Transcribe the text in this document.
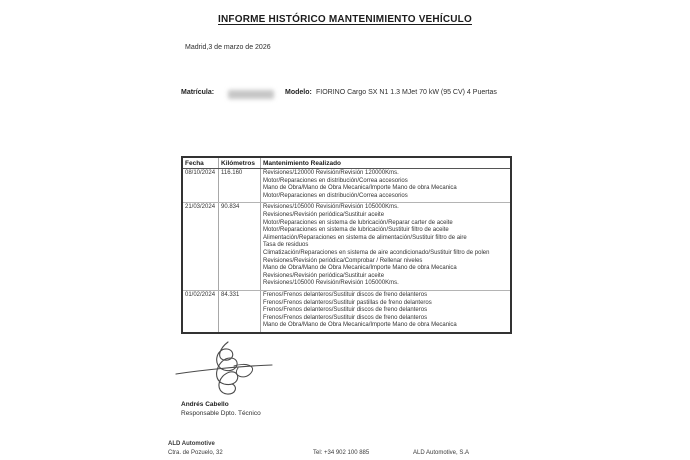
INFORME HISTÓRICO MANTENIMIENTO VEHÍCULO
Madrid,3 de marzo de 2026
Matrícula:	Modelo: FIORINO Cargo SX N1 1.3 MJet 70 kW (95 CV) 4 Puertas
Fecha	Kilómetros	Mantenimiento Realizado
08/10/2024 116.160	Revisiones/120000 Revisión/Revisión 120000Kms.
Motor/Reparaciones en distribución/Correa accesorios
Mano de Obra/Mano de Obra Mecanica/Importe Mano de obra Mecanica
Motor/Reparaciones en distribución/Correa accesorios
21/03/2024 90.834	Revisiones/105000 Revisión/Revisión 105000Kms.
Revisiones/Revisión periódica/Sustituir aceite
Motor/Reparaciones en sistema de lubricación/Reparar carter de aceite
Motor/Reparaciones en sistema de lubricación/Sustituir filtro de aceite
Alimentación/Reparaciones en sistema de alimentación/Sustituir filtro de aire
Tasa de residuos
Climatización/Reparaciones en sistema de aire acondicionado/Sustituir filtro de polen
Revisiones/Revisión periódica/Comprobar / Rellenar niveles
Mano de Obra/Mano de Obra Mecanica/Importe Mano de obra Mecanica
Revisiones/Revisión periódica/Sustituir aceite
Revisiones/105000 Revisión/Revisión 105000Kms.
01/02/2024 84.331	Frenos/Frenos delanteros/Sustituir discos de freno delanteros
Frenos/Frenos delanteros/Sustituir pastillas de freno delanteros
Frenos/Frenos delanteros/Sustituir discos de freno delanteros
Frenos/Frenos delanteros/Sustituir discos de freno delanteros
Mano de Obra/Mano de Obra Mecanica/Importe Mano de obra Mecanica
Andrés Cabello
Responsable Dpto. Técnico
ALD Automotive
Ctra. de Pozuelo, 32	Tel: +34 902 100 885	ALD Automotive, S.A
